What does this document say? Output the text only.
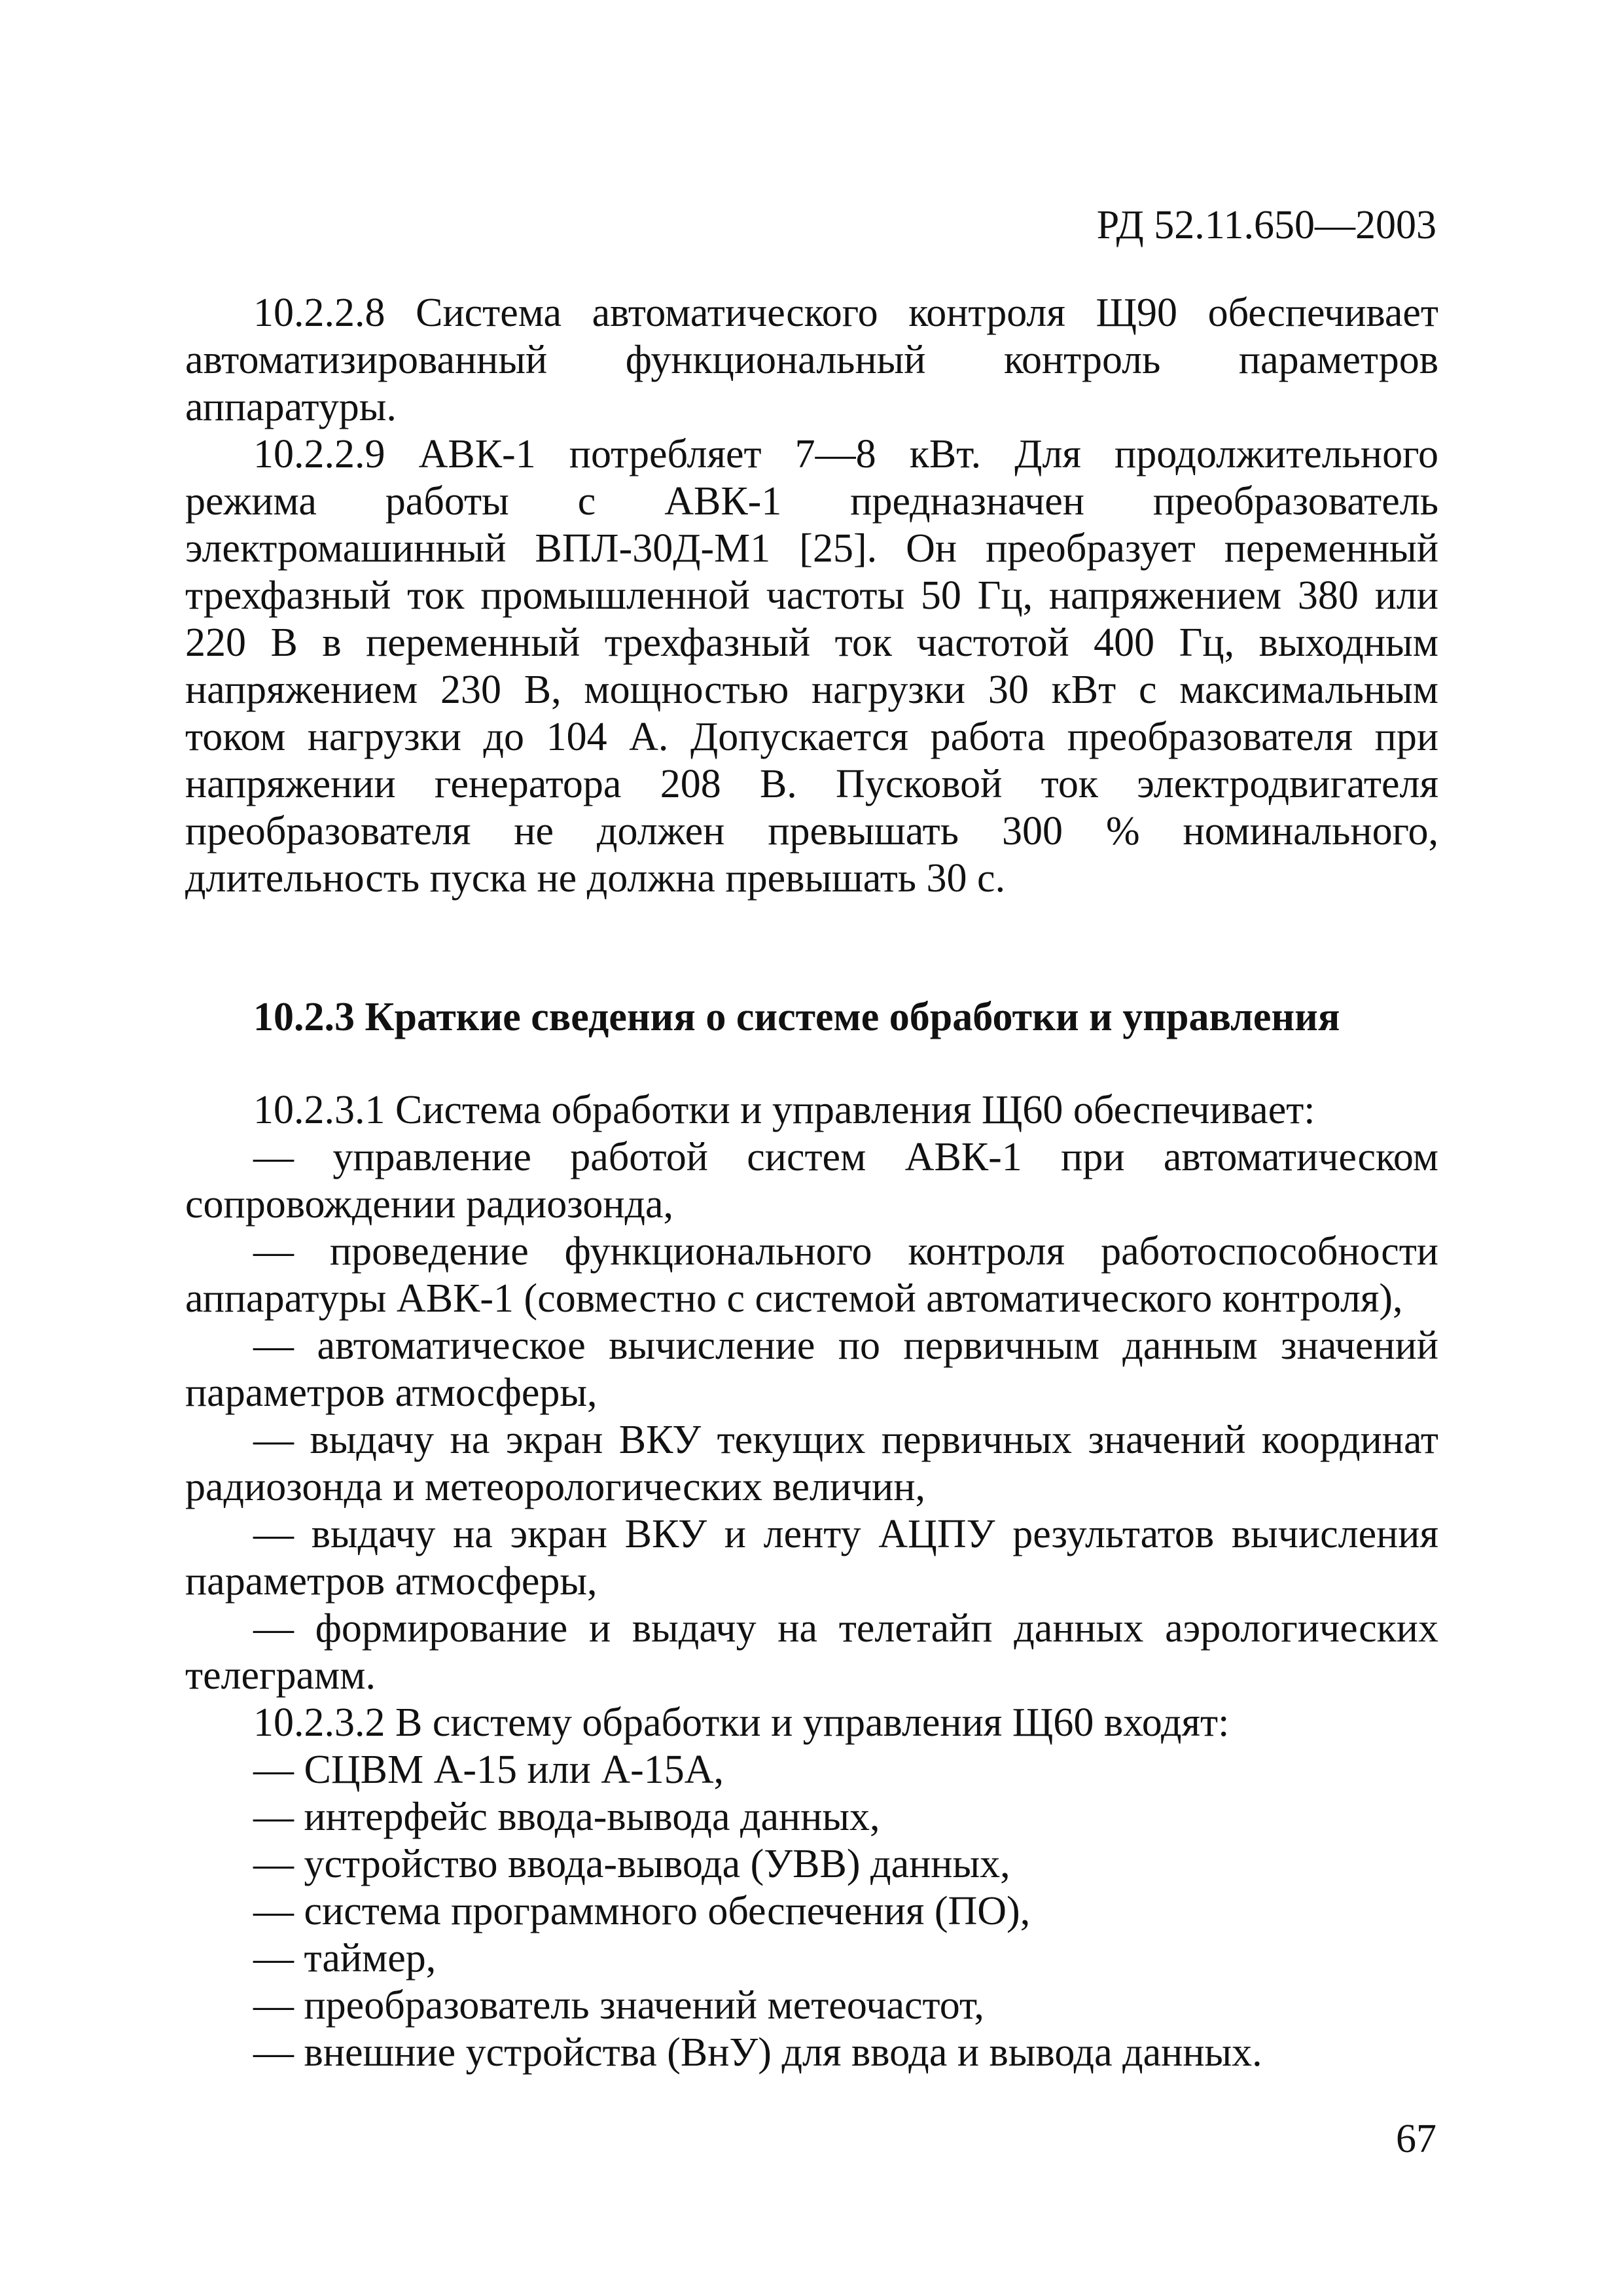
РД 52.11.650—2003

10.2.2.8 Система автоматического контроля Щ90 обеспечивает автоматизированный функциональный контроль параметров аппаратуры.

10.2.2.9 АВК-1 потребляет 7—8 кВт. Для продолжительного режима работы с АВК-1 предназначен преобразователь электромашинный ВПЛ-30Д-М1 [25]. Он преобразует переменный трехфазный ток промышленной частоты 50 Гц, напряжением 380 или 220 В в переменный трехфазный ток частотой 400 Гц, выходным напряжением 230 В, мощностью нагрузки 30 кВт с максимальным током нагрузки до 104 А. Допускается работа преобразователя при напряжении генератора 208 В. Пусковой ток электродвигателя преобразователя не должен превышать 300 % номинального, длительность пуска не должна превышать 30 с.

10.2.3 Краткие сведения о системе обработки и управления

10.2.3.1 Система обработки и управления Щ60 обеспечивает:

— управление работой систем АВК-1 при автоматическом сопровождении радиозонда,
— проведение функционального контроля работоспособности аппаратуры АВК-1 (совместно с системой автоматического контроля),
— автоматическое вычисление по первичным данным значений параметров атмосферы,
— выдачу на экран ВКУ текущих первичных значений координат радиозонда и метеорологических величин,
— выдачу на экран ВКУ и ленту АЦПУ результатов вычисления параметров атмосферы,
— формирование и выдачу на телетайп данных аэрологических телеграмм.

10.2.3.2 В систему обработки и управления Щ60 входят:

— СЦВМ А-15 или А-15А,
— интерфейс ввода-вывода данных,
— устройство ввода-вывода (УВВ) данных,
— система программного обеспечения (ПО),
— таймер,
— преобразователь значений метеочастот,
— внешние устройства (ВнУ) для ввода и вывода данных.
67
